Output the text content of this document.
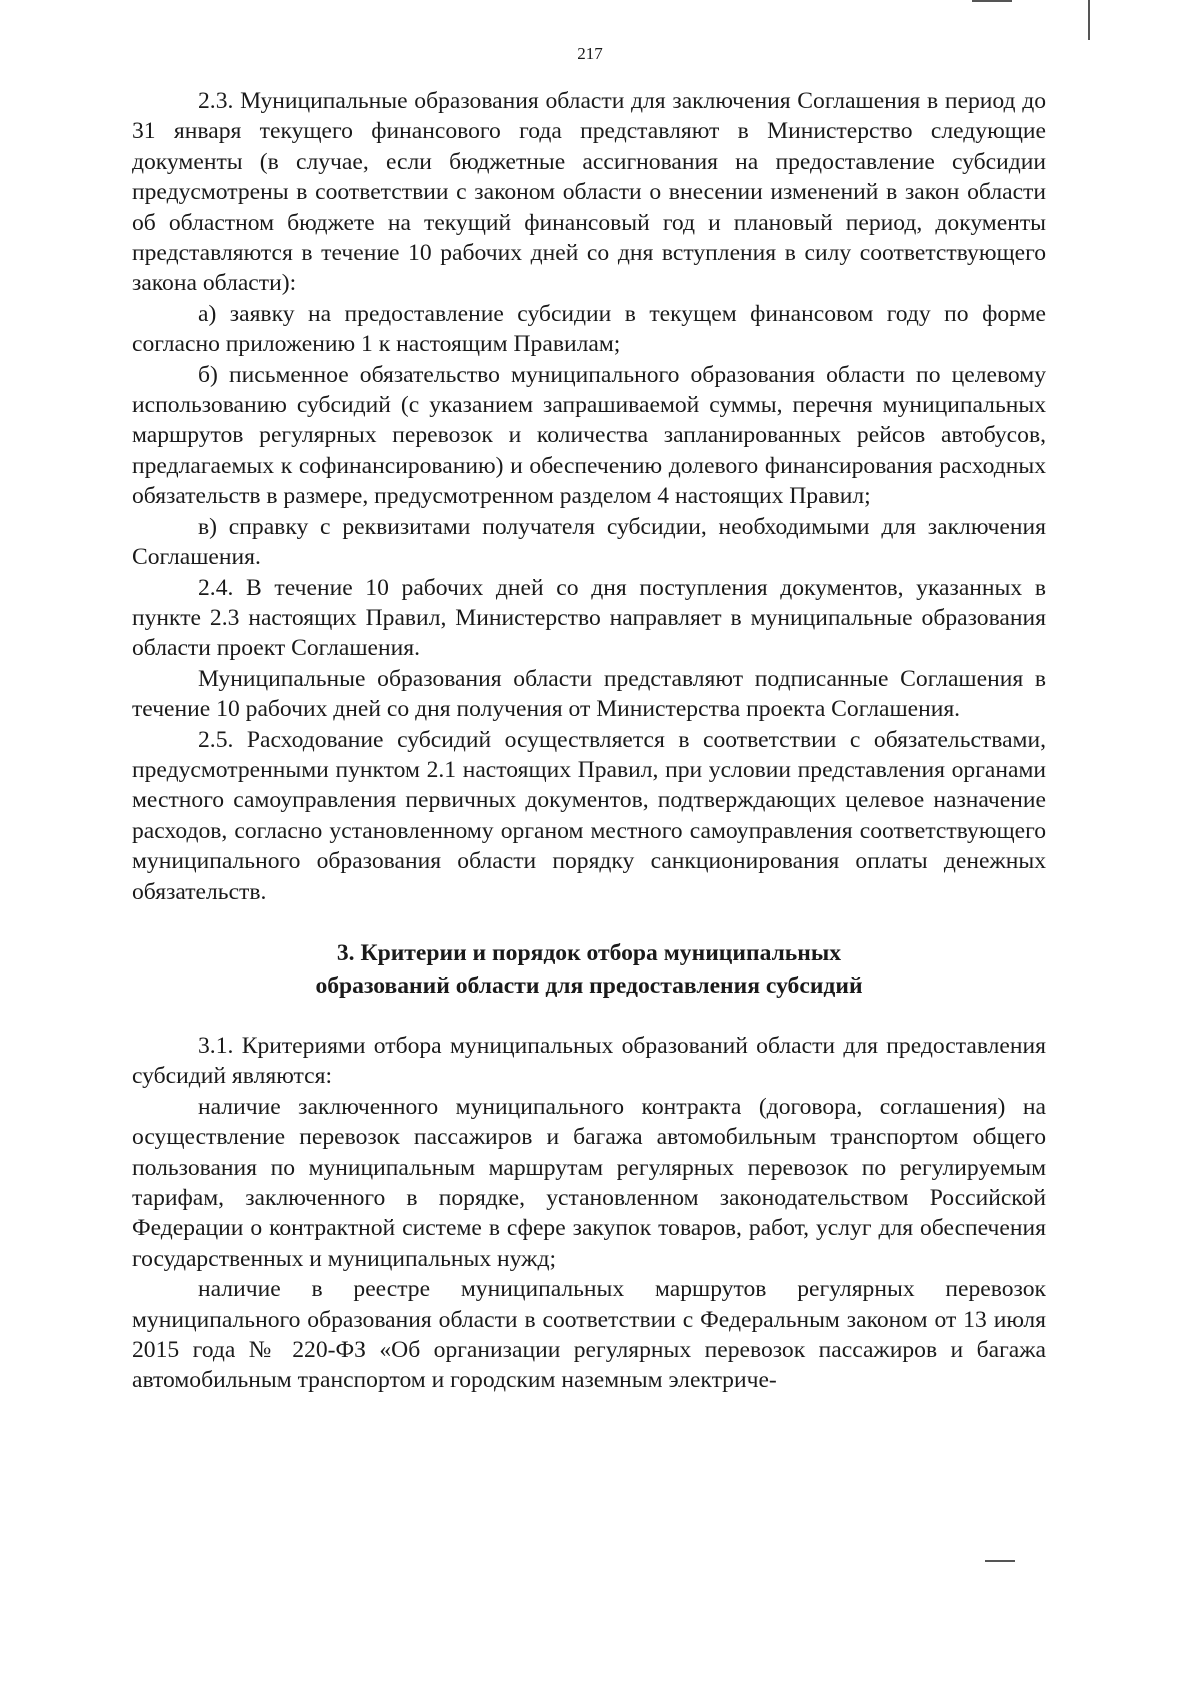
217

2.3. Муниципальные образования области для заключения Соглашения в период до 31 января текущего финансового года представляют в Министерство следующие документы (в случае, если бюджетные ассигнования на предоставление субсидии предусмотрены в соответствии с законом области о внесении изменений в закон области об областном бюджете на текущий финансовый год и плановый период, документы представляются в течение 10 рабочих дней со дня вступления в силу соответствующего закона области):

а) заявку на предоставление субсидии в текущем финансовом году по форме согласно приложению 1 к настоящим Правилам;

б) письменное обязательство муниципального образования области по целевому использованию субсидий (с указанием запрашиваемой суммы, перечня муниципальных маршрутов регулярных перевозок и количества запланированных рейсов автобусов, предлагаемых к софинансированию) и обеспечению долевого финансирования расходных обязательств в размере, предусмотренном разделом 4 настоящих Правил;

в) справку с реквизитами получателя субсидии, необходимыми для заключения Соглашения.

2.4. В течение 10 рабочих дней со дня поступления документов, указанных в пункте 2.3 настоящих Правил, Министерство направляет в муниципальные образования области проект Соглашения.

Муниципальные образования области представляют подписанные Соглашения в течение 10 рабочих дней со дня получения от Министерства проекта Соглашения.

2.5. Расходование субсидий осуществляется в соответствии с обязательствами, предусмотренными пунктом 2.1 настоящих Правил, при условии представления органами местного самоуправления первичных документов, подтверждающих целевое назначение расходов, согласно установленному органом местного самоуправления соответствующего муниципального образования области порядку санкционирования оплаты денежных обязательств.

3. Критерии и порядок отбора муниципальных
образований области для предоставления субсидий

3.1. Критериями отбора муниципальных образований области для предоставления субсидий являются:

наличие заключенного муниципального контракта (договора, соглашения) на осуществление перевозок пассажиров и багажа автомобильным транспортом общего пользования по муниципальным маршрутам регулярных перевозок по регулируемым тарифам, заключенного в порядке, установленном законодательством Российской Федерации о контрактной системе в сфере закупок товаров, работ, услуг для обеспечения государственных и муниципальных нужд;

наличие в реестре муниципальных маршрутов регулярных перевозок муниципального образования области в соответствии с Федеральным законом от 13 июля 2015 года № 220-ФЗ «Об организации регулярных перевозок пассажиров и багажа автомобильным транспортом и городским наземным электриче-
